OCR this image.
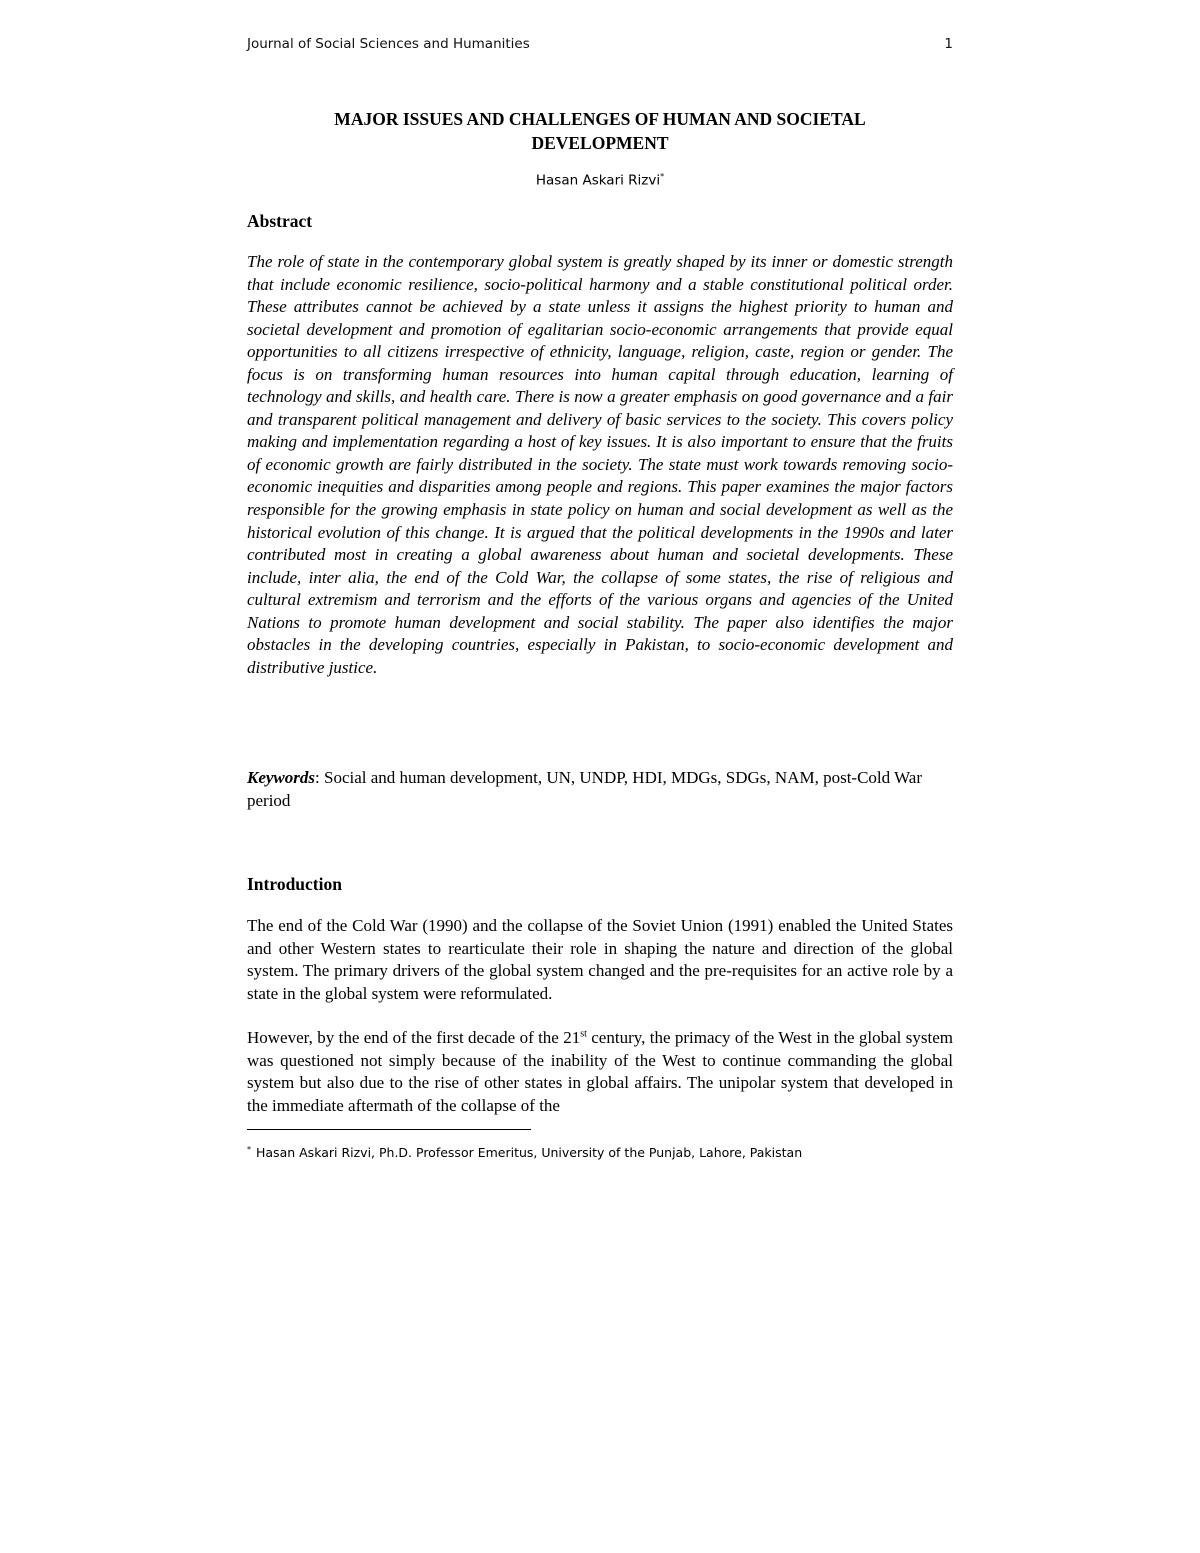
Journal of Social Sciences and Humanities	1
MAJOR ISSUES AND CHALLENGES OF HUMAN AND SOCIETAL
DEVELOPMENT
Hasan Askari Rizvi*
Abstract
The role of state in the contemporary global system is greatly shaped by its inner or domestic strength that include economic resilience, socio-political harmony and a stable constitutional political order. These attributes cannot be achieved by a state unless it assigns the highest priority to human and societal development and promotion of egalitarian socio-economic arrangements that provide equal opportunities to all citizens irrespective of ethnicity, language, religion, caste, region or gender. The focus is on transforming human resources into human capital through education, learning of technology and skills, and health care. There is now a greater emphasis on good governance and a fair and transparent political management and delivery of basic services to the society. This covers policy making and implementation regarding a host of key issues. It is also important to ensure that the fruits of economic growth are fairly distributed in the society. The state must work towards removing socio-economic inequities and disparities among people and regions. This paper examines the major factors responsible for the growing emphasis in state policy on human and social development as well as the historical evolution of this change. It is argued that the political developments in the 1990s and later contributed most in creating a global awareness about human and societal developments. These include, inter alia, the end of the Cold War, the collapse of some states, the rise of religious and cultural extremism and terrorism and the efforts of the various organs and agencies of the United Nations to promote human development and social stability. The paper also identifies the major obstacles in the developing countries, especially in Pakistan, to socio-economic development and distributive justice.
Keywords: Social and human development, UN, UNDP, HDI, MDGs, SDGs, NAM, post-Cold War period
Introduction
The end of the Cold War (1990) and the collapse of the Soviet Union (1991) enabled the United States and other Western states to rearticulate their role in shaping the nature and direction of the global system. The primary drivers of the global system changed and the pre-requisites for an active role by a state in the global system were reformulated.
However, by the end of the first decade of the 21st century, the primacy of the West in the global system was questioned not simply because of the inability of the West to continue commanding the global system but also due to the rise of other states in global affairs. The unipolar system that developed in the immediate aftermath of the collapse of the
* Hasan Askari Rizvi, Ph.D. Professor Emeritus, University of the Punjab, Lahore, Pakistan
